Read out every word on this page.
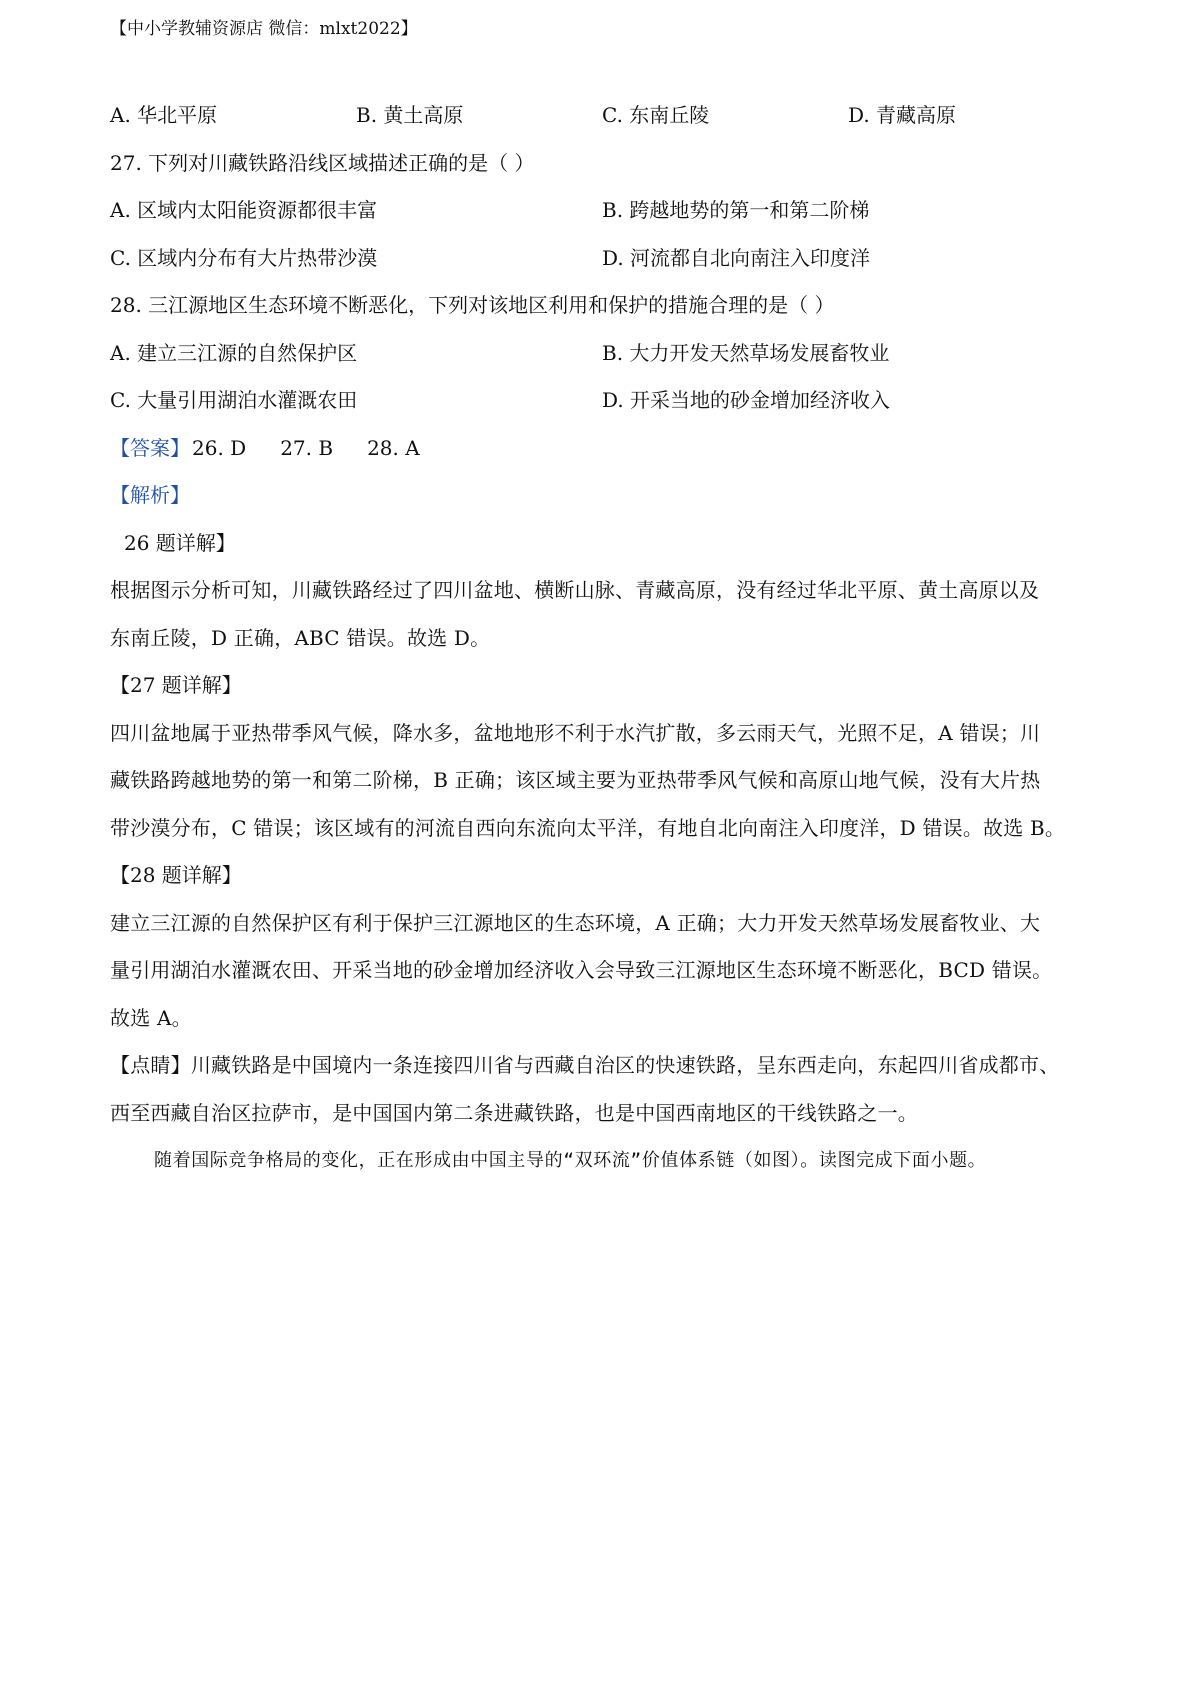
【中小学教辅资源店 微信：mlxt2022】
A. 华北平原	B. 黄土高原	C. 东南丘陵	D. 青藏高原
27. 下列对川藏铁路沿线区域描述正确的是（ ）
A. 区域内太阳能资源都很丰富	B. 跨越地势的第一和第二阶梯
C. 区域内分布有大片热带沙漠	D. 河流都自北向南注入印度洋
28. 三江源地区生态环境不断恶化，下列对该地区利用和保护的措施合理的是（ ）
A. 建立三江源的自然保护区	B. 大力开发天然草场发展畜牧业
C. 大量引用湖泊水灌溉农田	D. 开采当地的砂金增加经济收入
【答案】 26. D 27. B 28. A
【解析】
26 题详解】
根据图示分析可知，川藏铁路经过了四川盆地、横断山脉、青藏高原，没有经过华北平原、黄土高原以及
东南丘陵，D 正确，ABC 错误。故选 D。
【27 题详解】
四川盆地属于亚热带季风气候，降水多，盆地地形不利于水汽扩散，多云雨天气，光照不足，A 错误；川
藏铁路跨越地势的第一和第二阶梯，B 正确；该区域主要为亚热带季风气候和高原山地气候，没有大片热
带沙漠分布，C 错误；该区域有的河流自西向东流向太平洋，有地自北向南注入印度洋，D 错误。故选 B。
【28 题详解】
建立三江源的自然保护区有利于保护三江源地区的生态环境，A 正确；大力开发天然草场发展畜牧业、大
量引用湖泊水灌溉农田、开采当地的砂金增加经济收入会导致三江源地区生态环境不断恶化，BCD 错误。
故选 A。
【点睛】川藏铁路是中国境内一条连接四川省与西藏自治区的快速铁路，呈东西走向，东起四川省成都市、
西至西藏自治区拉萨市，是中国国内第二条进藏铁路，也是中国西南地区的干线铁路之一。
随着国际竞争格局的变化，正在形成由中国主导的“双环流”价值体系链（如图）。读图完成下面小题。
